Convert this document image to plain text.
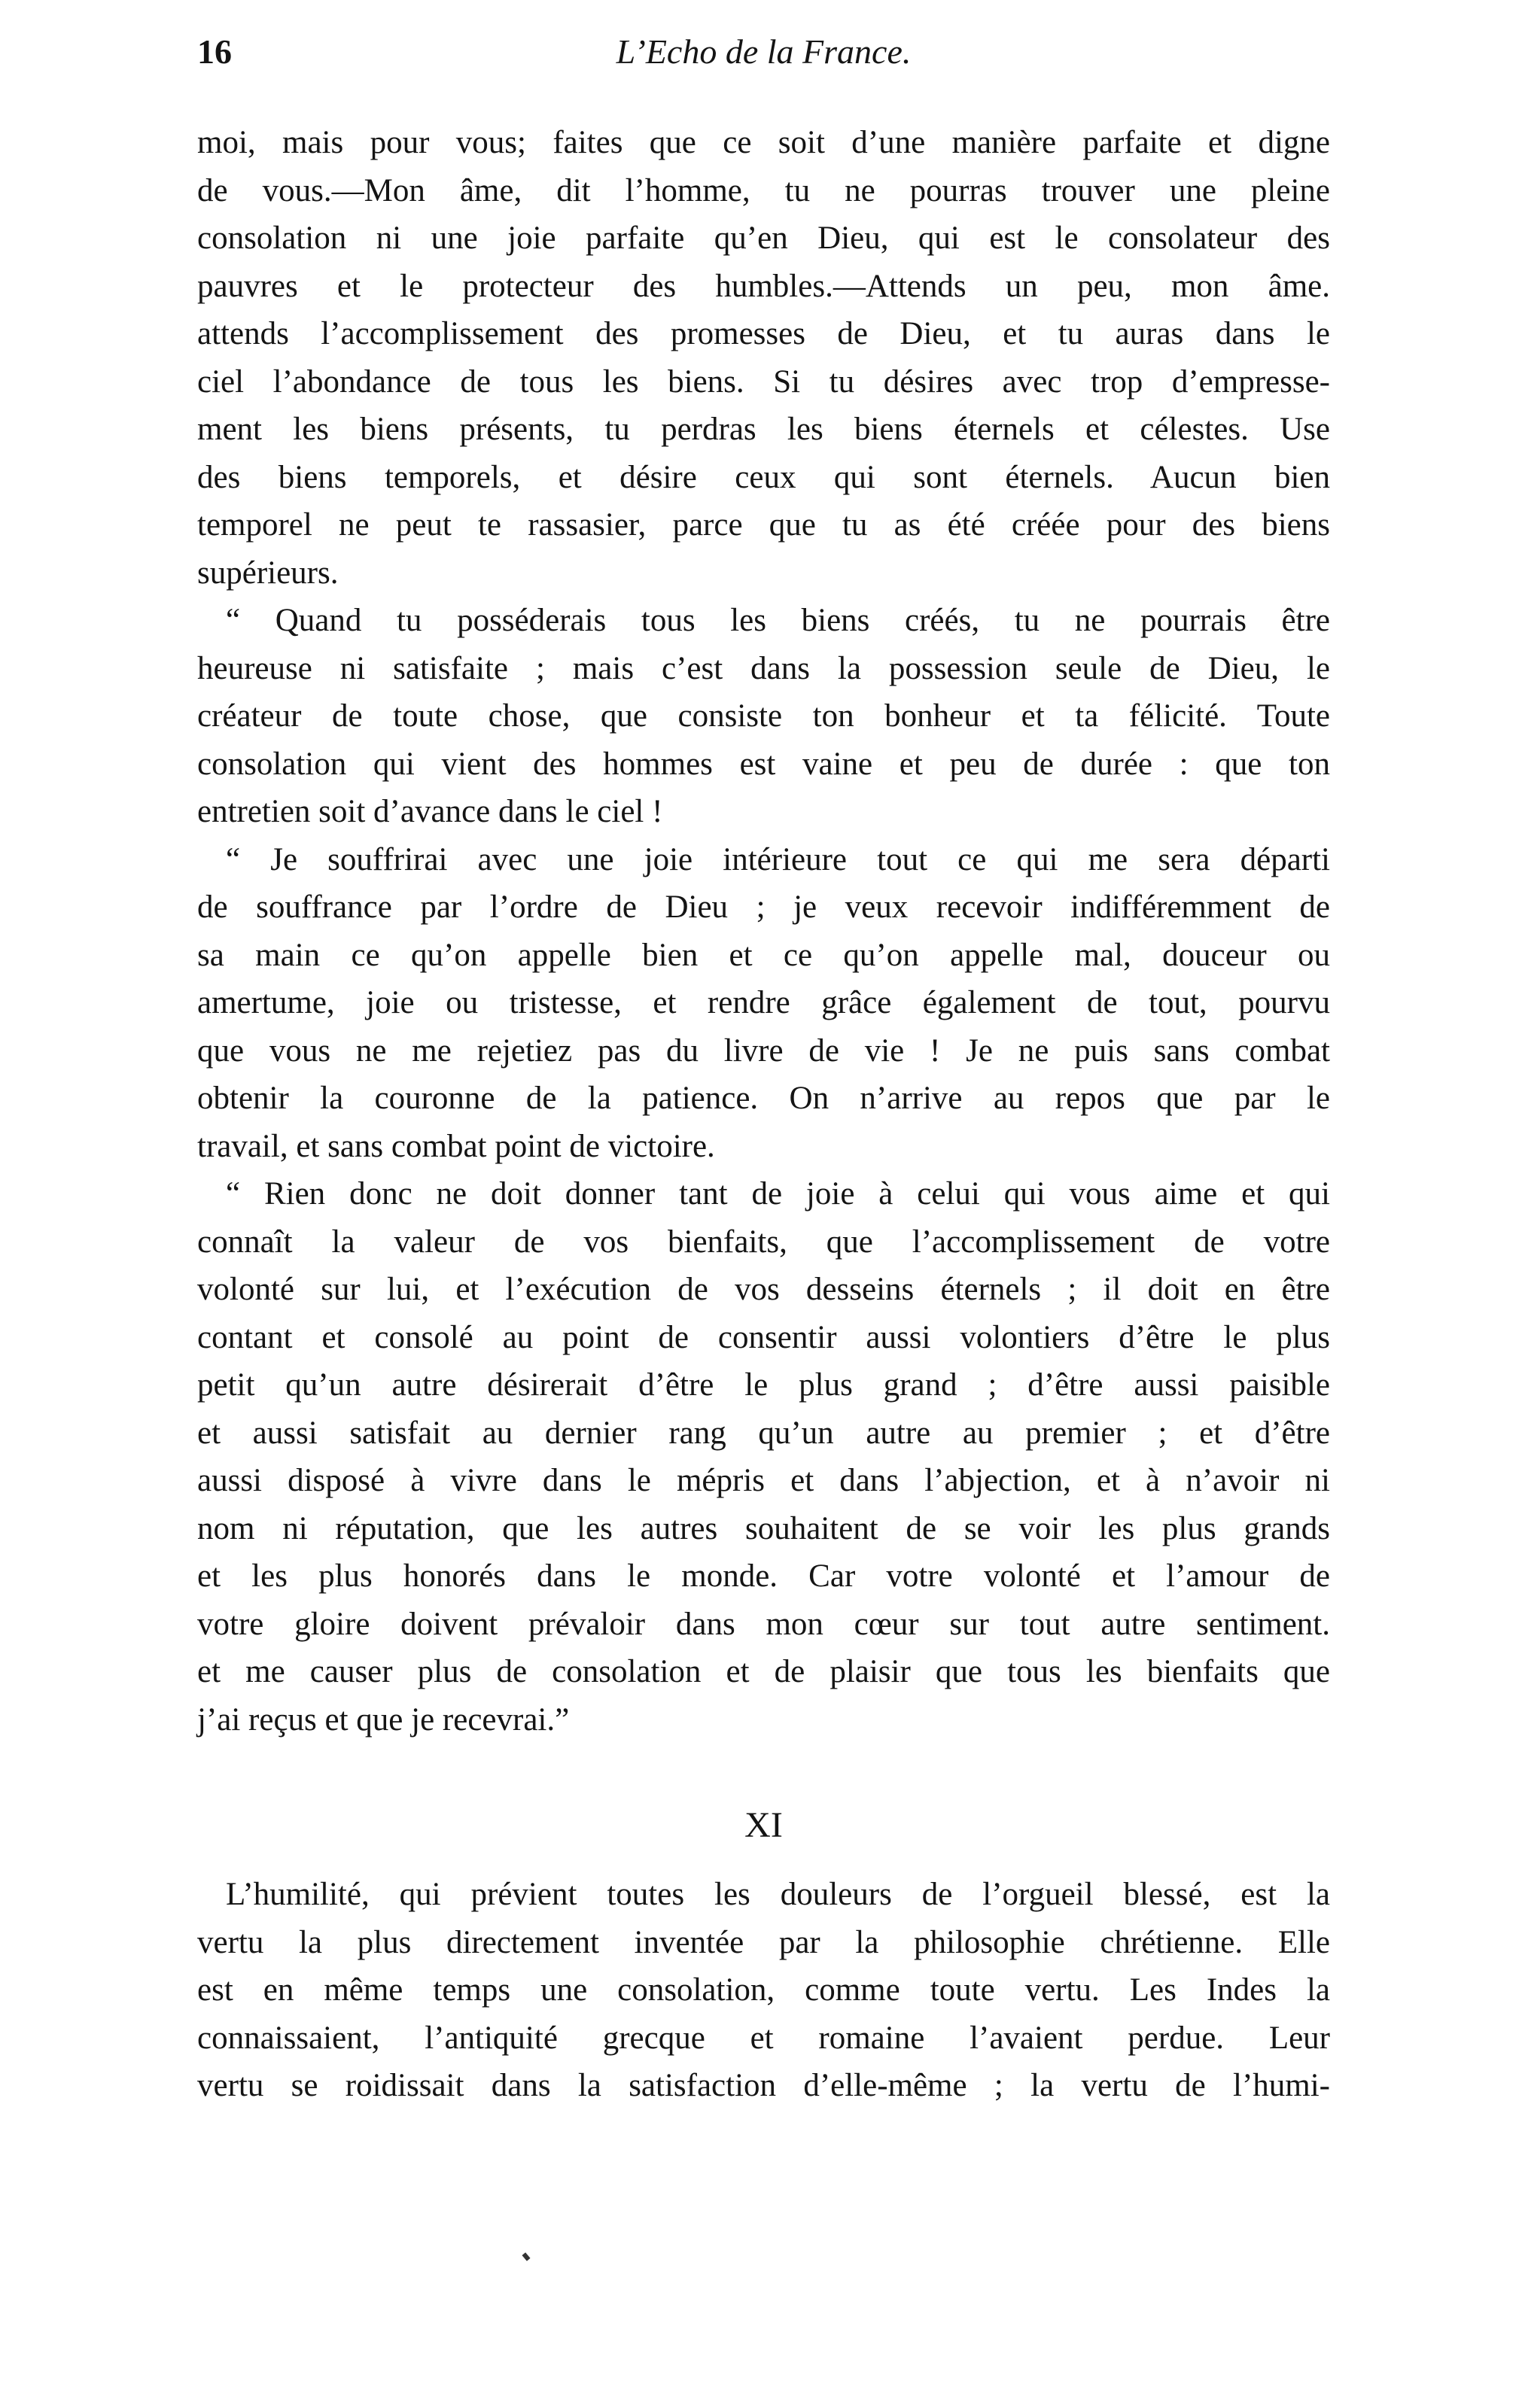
16	L’Echo de la France.
moi, mais pour vous; faites que ce soit d’une manière parfaite et digne
de vous.—Mon âme, dit l’homme, tu ne pourras trouver une pleine
consolation ni une joie parfaite qu’en Dieu, qui est le consolateur des
pauvres et le protecteur des humbles.—Attends un peu, mon âme.
attends l’accomplissement des promesses de Dieu, et tu auras dans le
ciel l’abondance de tous les biens. Si tu désires avec trop d’empresse-
ment les biens présents, tu perdras les biens éternels et célestes. Use
des biens temporels, et désire ceux qui sont éternels. Aucun bien
temporel ne peut te rassasier, parce que tu as été créée pour des biens
supérieurs.
“ Quand tu posséderais tous les biens créés, tu ne pourrais être
heureuse ni satisfaite ; mais c’est dans la possession seule de Dieu, le
créateur de toute chose, que consiste ton bonheur et ta félicité. Toute
consolation qui vient des hommes est vaine et peu de durée : que ton
entretien soit d’avance dans le ciel !
“ Je souffrirai avec une joie intérieure tout ce qui me sera départi
de souffrance par l’ordre de Dieu ; je veux recevoir indifféremment de
sa main ce qu’on appelle bien et ce qu’on appelle mal, douceur ou
amertume, joie ou tristesse, et rendre grâce également de tout, pourvu
que vous ne me rejetiez pas du livre de vie ! Je ne puis sans combat
obtenir la couronne de la patience. On n’arrive au repos que par le
travail, et sans combat point de victoire.
“ Rien donc ne doit donner tant de joie à celui qui vous aime et qui
connaît la valeur de vos bienfaits, que l’accomplissement de votre
volonté sur lui, et l’exécution de vos desseins éternels ; il doit en être
contant et consolé au point de consentir aussi volontiers d’être le plus
petit qu’un autre désirerait d’être le plus grand ; d’être aussi paisible
et aussi satisfait au dernier rang qu’un autre au premier ; et d’être
aussi disposé à vivre dans le mépris et dans l’abjection, et à n’avoir ni
nom ni réputation, que les autres souhaitent de se voir les plus grands
et les plus honorés dans le monde. Car votre volonté et l’amour de
votre gloire doivent prévaloir dans mon cœur sur tout autre sentiment.
et me causer plus de consolation et de plaisir que tous les bienfaits que
j’ai reçus et que je recevrai.”
XI
L’humilité, qui prévient toutes les douleurs de l’orgueil blessé, est la
vertu la plus directement inventée par la philosophie chrétienne. Elle
est en même temps une consolation, comme toute vertu. Les Indes la
connaissaient, l’antiquité grecque et romaine l’avaient perdue. Leur
vertu se roidissait dans la satisfaction d’elle-même ; la vertu de l’humi-
